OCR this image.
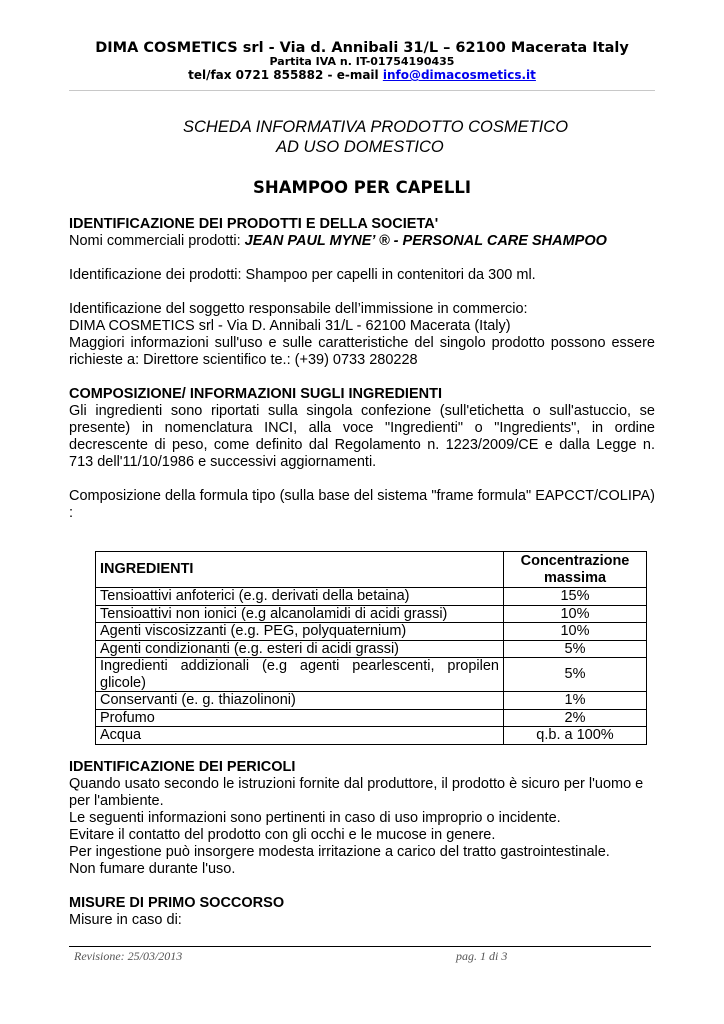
DIMA COSMETICS srl - Via d. Annibali 31/L – 62100 Macerata Italy
Partita IVA n. IT-01754190435
tel/fax 0721 855882 - e-mail info@dimacosmetics.it
SCHEDA INFORMATIVA PRODOTTO COSMETICO
AD USO DOMESTICO
SHAMPOO PER CAPELLI

IDENTIFICAZIONE DEI PRODOTTI E DELLA SOCIETA'

Nomi commerciali prodotti: JEAN PAUL MYNE’ ® - PERSONAL CARE SHAMPOO

Identificazione dei prodotti: Shampoo per capelli in contenitori da 300 ml.

Identificazione del soggetto responsabile dell’immissione in commercio:

DIMA COSMETICS srl - Via D. Annibali 31/L - 62100 Macerata (Italy)

Maggiori informazioni sull'uso e sulle caratteristiche del singolo prodotto possono essere richieste a: Direttore scientifico te.: (+39) 0733 280228

COMPOSIZIONE/ INFORMAZIONI SUGLI INGREDIENTI

Gli ingredienti sono riportati sulla singola confezione (sull'etichetta o sull'astuccio, se presente) in nomenclatura INCI, alla voce "Ingredienti" o "Ingredients", in ordine decrescente di peso, come definito dal Regolamento n. 1223/2009/CE e dalla Legge n. 713 dell'11/10/1986 e successivi aggiornamenti.

Composizione della formula tipo (sulla base del sistema "frame formula" EAPCCT/COLIPA) :

INGREDIENTI	Concentrazione massima
Tensioattivi anfoterici (e.g. derivati della betaina)	15%
Tensioattivi non ionici (e.g alcanolamidi di acidi grassi)	10%
Agenti viscosizzanti (e.g. PEG, polyquaternium)	10%
Agenti condizionanti (e.g. esteri di acidi grassi)	5%
Ingredienti addizionali (e.g agenti pearlescenti, propilen glicole)	5%
Conservanti (e. g. thiazolinoni)	1%
Profumo	2%
Acqua	q.b. a 100%

IDENTIFICAZIONE DEI PERICOLI

Quando usato secondo le istruzioni fornite dal produttore, il prodotto è sicuro per l'uomo e per l'ambiente.

Le seguenti informazioni sono pertinenti in caso di uso improprio o incidente.

Evitare il contatto del prodotto con gli occhi e le mucose in genere.

Per ingestione può insorgere modesta irritazione a carico del tratto gastrointestinale.

Non fumare durante l'uso.

MISURE DI PRIMO SOCCORSO

Misure in caso di:

Revisione: 25/03/2013	pag. 1 di 3
